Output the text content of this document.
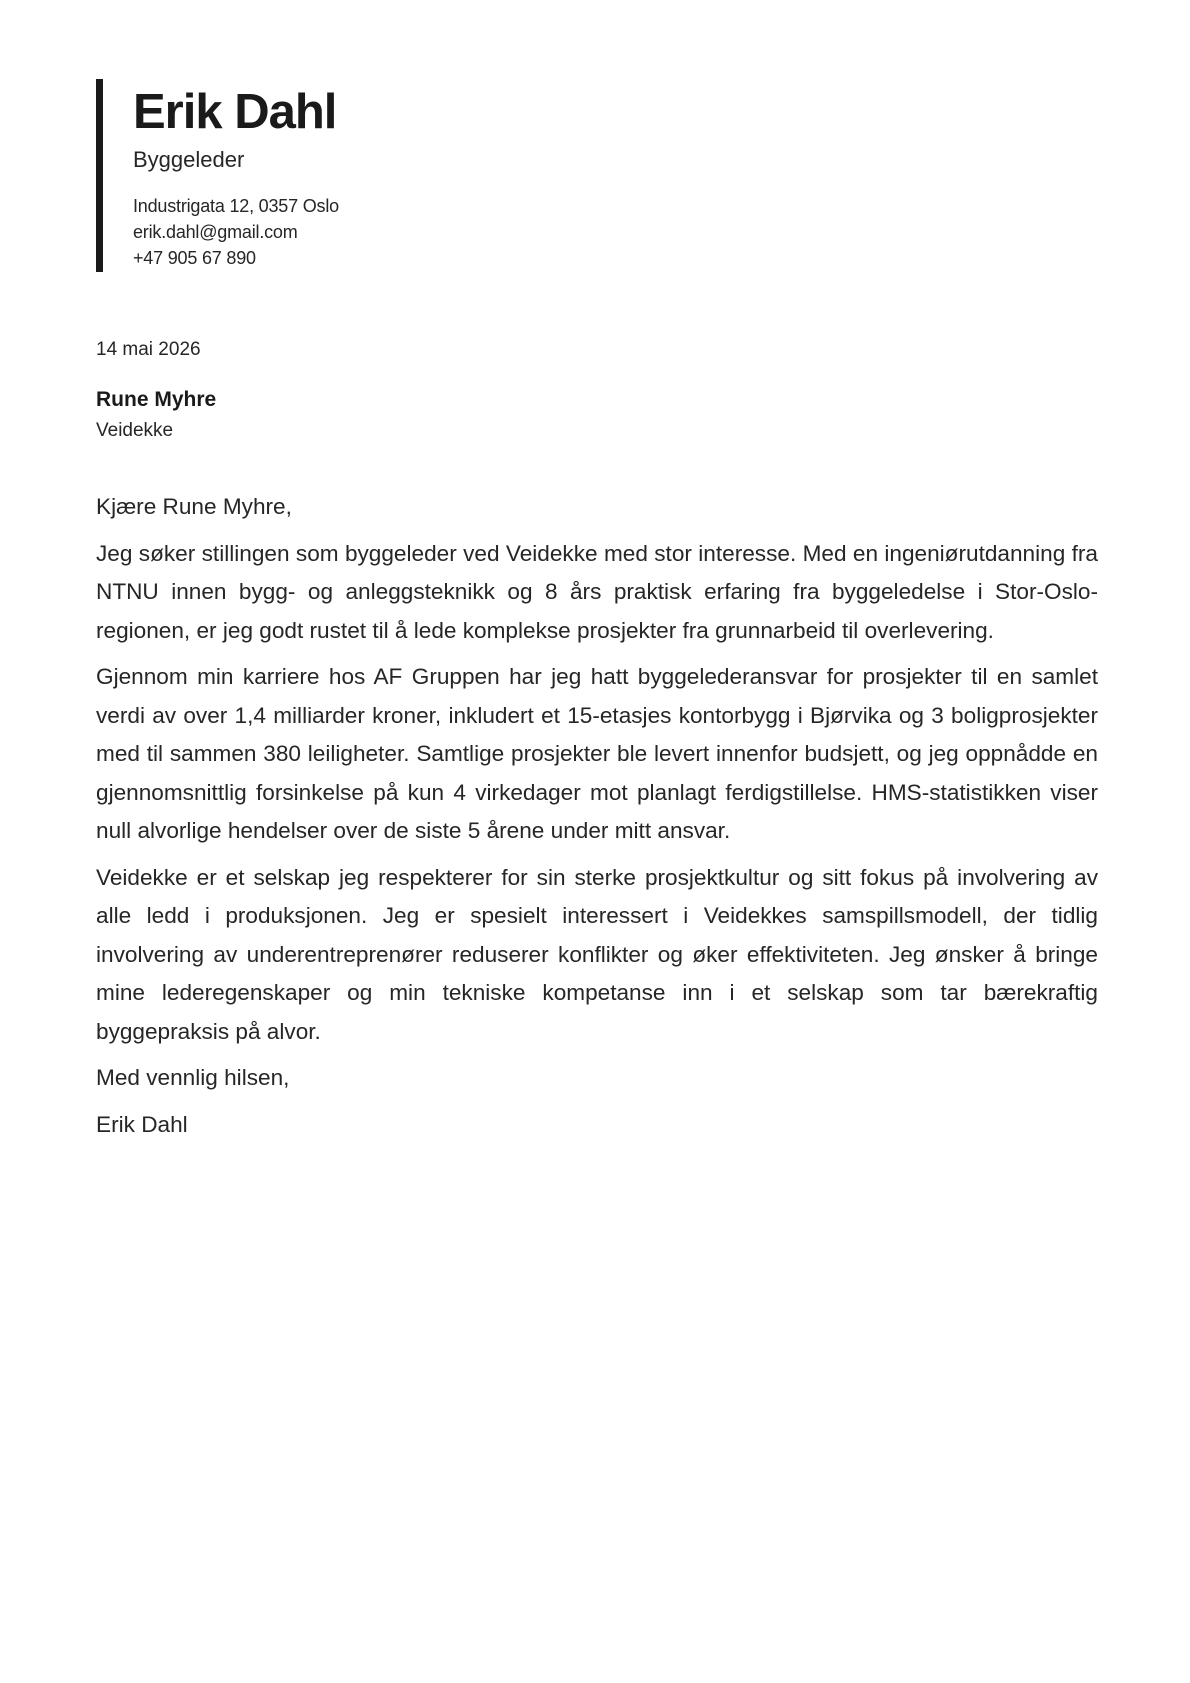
Erik Dahl
Byggeleder
Industrigata 12, 0357 Oslo
erik.dahl@gmail.com
+47 905 67 890
14 mai 2026
Rune Myhre
Veidekke
Kjære Rune Myhre,

Jeg søker stillingen som byggeleder ved Veidekke med stor interesse. Med en ingeniørutdanning fra NTNU innen bygg- og anleggsteknikk og 8 års praktisk erfaring fra byggeledelse i Stor-Oslo-regionen, er jeg godt rustet til å lede komplekse prosjekter fra grunnarbeid til overlevering.

Gjennom min karriere hos AF Gruppen har jeg hatt byggelederansvar for prosjekter til en samlet verdi av over 1,4 milliarder kroner, inkludert et 15-etasjes kontorbygg i Bjørvika og 3 boligprosjekter med til sammen 380 leiligheter. Samtlige prosjekter ble levert innenfor budsjett, og jeg oppnådde en gjennomsnittlig forsinkelse på kun 4 virkedager mot planlagt ferdigstillelse. HMS-statistikken viser null alvorlige hendelser over de siste 5 årene under mitt ansvar.

Veidekke er et selskap jeg respekterer for sin sterke prosjektkultur og sitt fokus på involvering av alle ledd i produksjonen. Jeg er spesielt interessert i Veidekkes samspillsmodell, der tidlig involvering av underentreprenører reduserer konflikter og øker effektiviteten. Jeg ønsker å bringe mine lederegenskaper og min tekniske kompetanse inn i et selskap som tar bærekraftig byggepraksis på alvor.

Med vennlig hilsen,
Erik Dahl
